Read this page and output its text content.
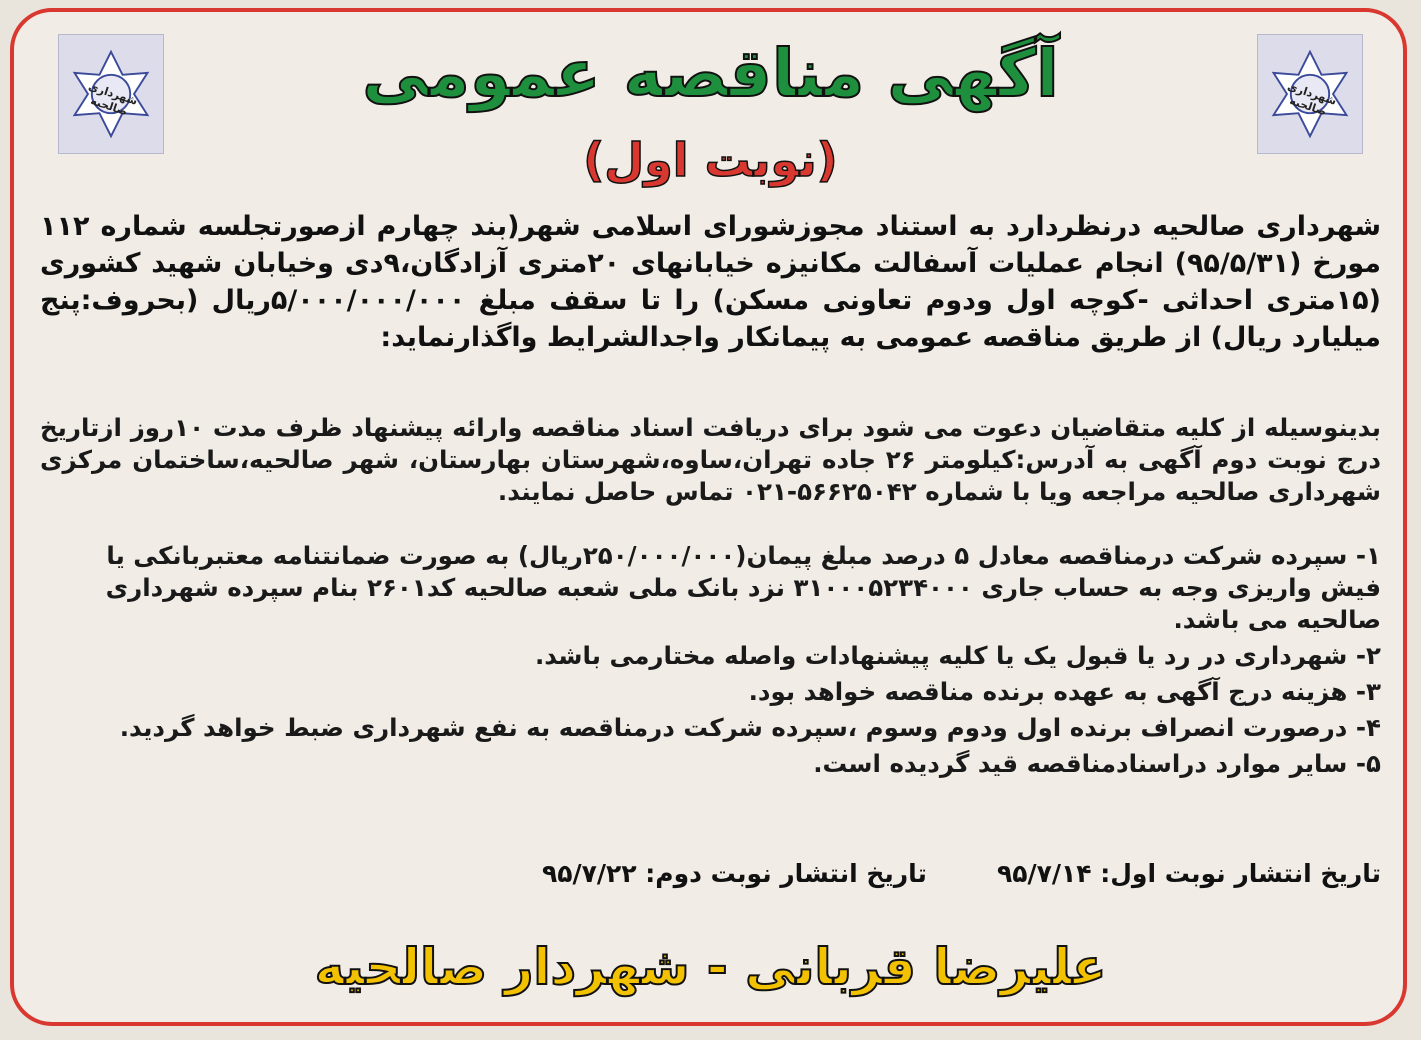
شهرداری صالحیه
شهرداری صالحیه	آگهی مناقصه عمومی
(نوبت اول)
شهرداری صالحیه درنظردارد به استناد مجوزشورای اسلامی شهر(بند چهارم ازصورتجلسه شماره ۱۱۲ مورخ (۹۵/۵/۳۱) انجام عملیات آسفالت مکانیزه خیابانهای ۲۰متری آزادگان،۹دی وخیابان شهید کشوری (۱۵متری احداثی -کوچه اول ودوم تعاونی مسکن) را تا سقف مبلغ ۵/۰۰۰/۰۰۰/۰۰۰ریال (بحروف:پنج میلیارد ریال) از طریق مناقصه عمومی به پیمانکار واجدالشرایط واگذارنماید:

بدینوسیله از کلیه متقاضیان دعوت می شود برای دریافت اسناد مناقصه وارائه پیشنهاد ظرف مدت ۱۰روز ازتاریخ درج نوبت دوم آگهی به آدرس:کیلومتر ۲۶ جاده تهران،ساوه،شهرستان بهارستان، شهر صالحیه،ساختمان مرکزی شهرداری صالحیه مراجعه ویا با شماره ۵۶۶۲۵۰۴۲-۰۲۱ تماس حاصل نمایند.

۱- سپرده شرکت درمناقصه معادل ۵ درصد مبلغ پیمان(۲۵۰/۰۰۰/۰۰۰ریال) به صورت ضمانتنامه معتبربانکی یا فیش واریزی وجه به حساب جاری ۳۱۰۰۰۵۲۳۴۰۰۰ نزد بانک ملی شعبه صالحیه کد۲۶۰۱ بنام سپرده شهرداری صالحیه می باشد.
۲- شهرداری در رد یا قبول یک یا کلیه پیشنهادات واصله مختارمی باشد.
۳- هزینه درج آگهی به عهده برنده مناقصه خواهد بود.
۴- درصورت انصراف برنده اول ودوم وسوم ،سپرده شرکت درمناقصه به نفع شهرداری ضبط خواهد گردید.
۵- سایر موارد دراسنادمناقصه قید گردیده است.
تاریخ انتشار نوبت اول: ۹۵/۷/۱۴
تاریخ انتشار نوبت دوم: ۹۵/۷/۲۲
علیرضا قربانی - شهردار صالحیه
